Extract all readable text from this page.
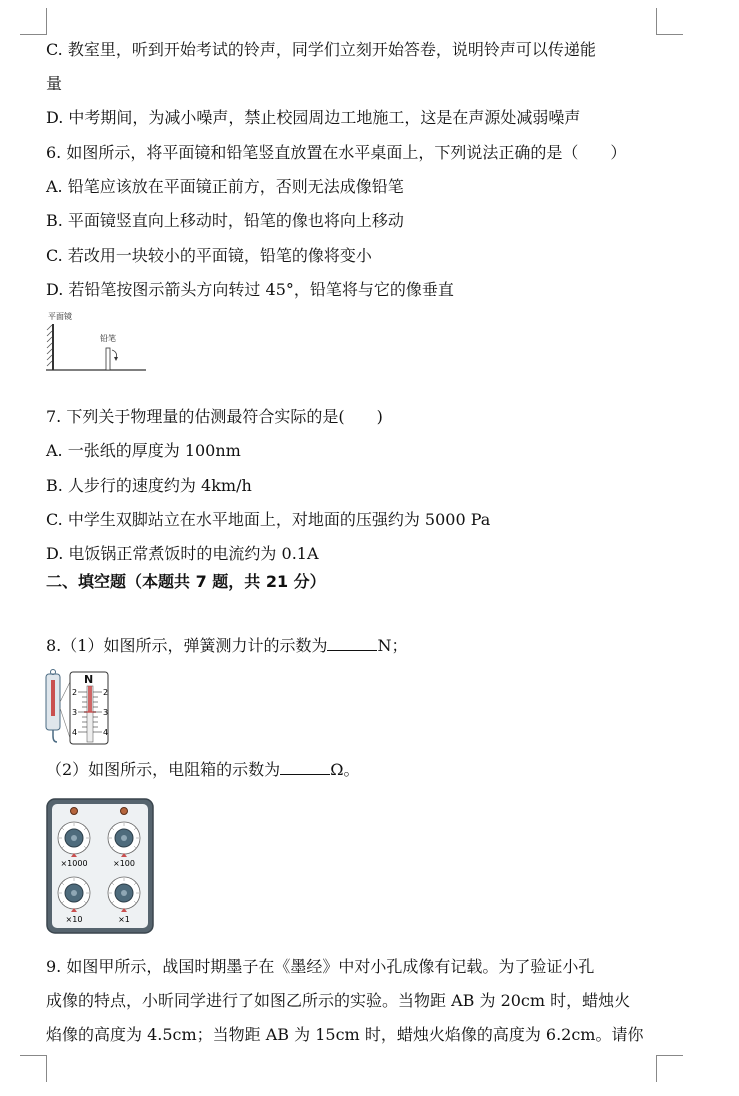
C. 教室里，听到开始考试的铃声，同学们立刻开始答卷，说明铃声可以传递能
量
D. 中考期间，为减小噪声，禁止校园周边工地施工，这是在声源处减弱噪声
6. 如图所示，将平面镜和铅笔竖直放置在水平桌面上，下列说法正确的是（　　）
A. 铅笔应该放在平面镜正前方，否则无法成像铅笔
B. 平面镜竖直向上移动时，铅笔的像也将向上移动
C. 若改用一块较小的平面镜，铅笔的像将变小
D. 若铅笔按图示箭头方向转过 45°，铅笔将与它的像垂直
平面镜
铅笔
7. 下列关于物理量的估测最符合实际的是(　　)
A. 一张纸的厚度为 100nm
B. 人步行的速度约为 4km/h
C. 中学生双脚站立在水平地面上，对地面的压强约为 5000 Pa
D. 电饭锅正常煮饭时的电流约为 0.1A
二、填空题（本题共 7 题，共 21 分）
8.（1）如图所示，弹簧测力计的示数为	N；
N
2	2
3	3
4	4
（2）如图所示，电阻箱的示数为	Ω。
×1000	×100
×10	×1
9. 如图甲所示，战国时期墨子在《墨经》中对小孔成像有记载。为了验证小孔
成像的特点，小昕同学进行了如图乙所示的实验。当物距 AB 为 20cm 时，蜡烛火
焰像的高度为 4.5cm；当物距 AB 为 15cm 时，蜡烛火焰像的高度为 6.2cm。请你
